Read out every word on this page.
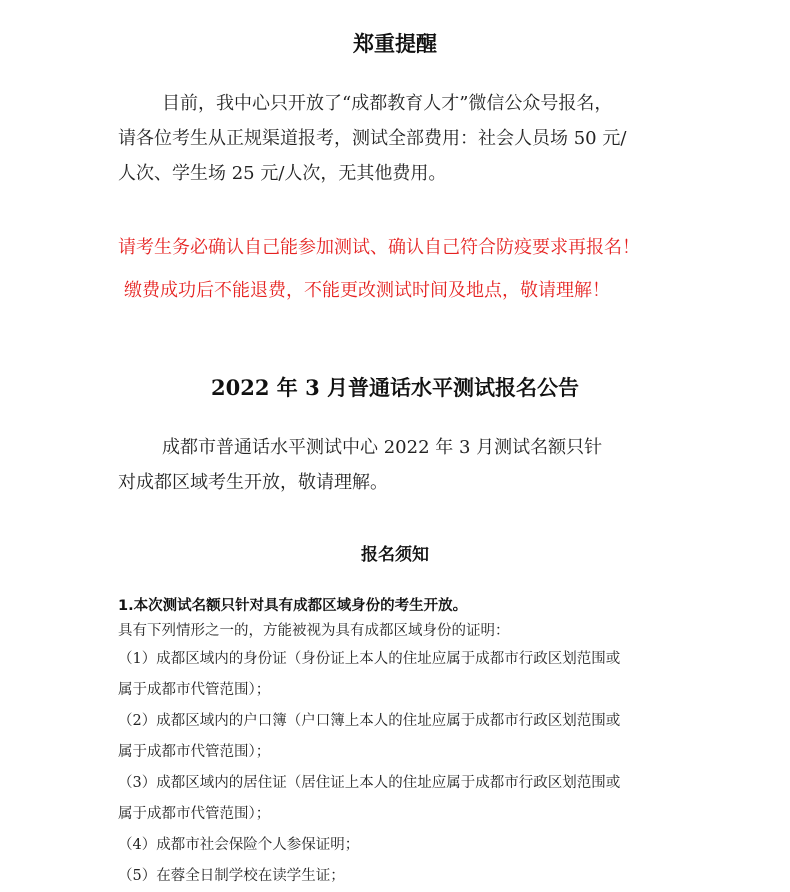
郑重提醒
目前，我中心只开放了“成都教育人才”微信公众号报名，
请各位考生从正规渠道报考，测试全部费用：社会人员场 50 元/
人次、学生场 25 元/人次，无其他费用。
请考生务必确认自己能参加测试、确认自己符合防疫要求再报名！
缴费成功后不能退费，不能更改测试时间及地点，敬请理解！
2022 年 3 月普通话水平测试报名公告
成都市普通话水平测试中心 2022 年 3 月测试名额只针
对成都区域考生开放，敬请理解。
报名须知
1.本次测试名额只针对具有成都区域身份的考生开放。
具有下列情形之一的，方能被视为具有成都区域身份的证明：
（1）成都区域内的身份证（身份证上本人的住址应属于成都市行政区划范围或
属于成都市代管范围）；
（2）成都区域内的户口簿（户口簿上本人的住址应属于成都市行政区划范围或
属于成都市代管范围）；
（3）成都区域内的居住证（居住证上本人的住址应属于成都市行政区划范围或
属于成都市代管范围）；
（4）成都市社会保险个人参保证明；
（5）在蓉全日制学校在读学生证；
